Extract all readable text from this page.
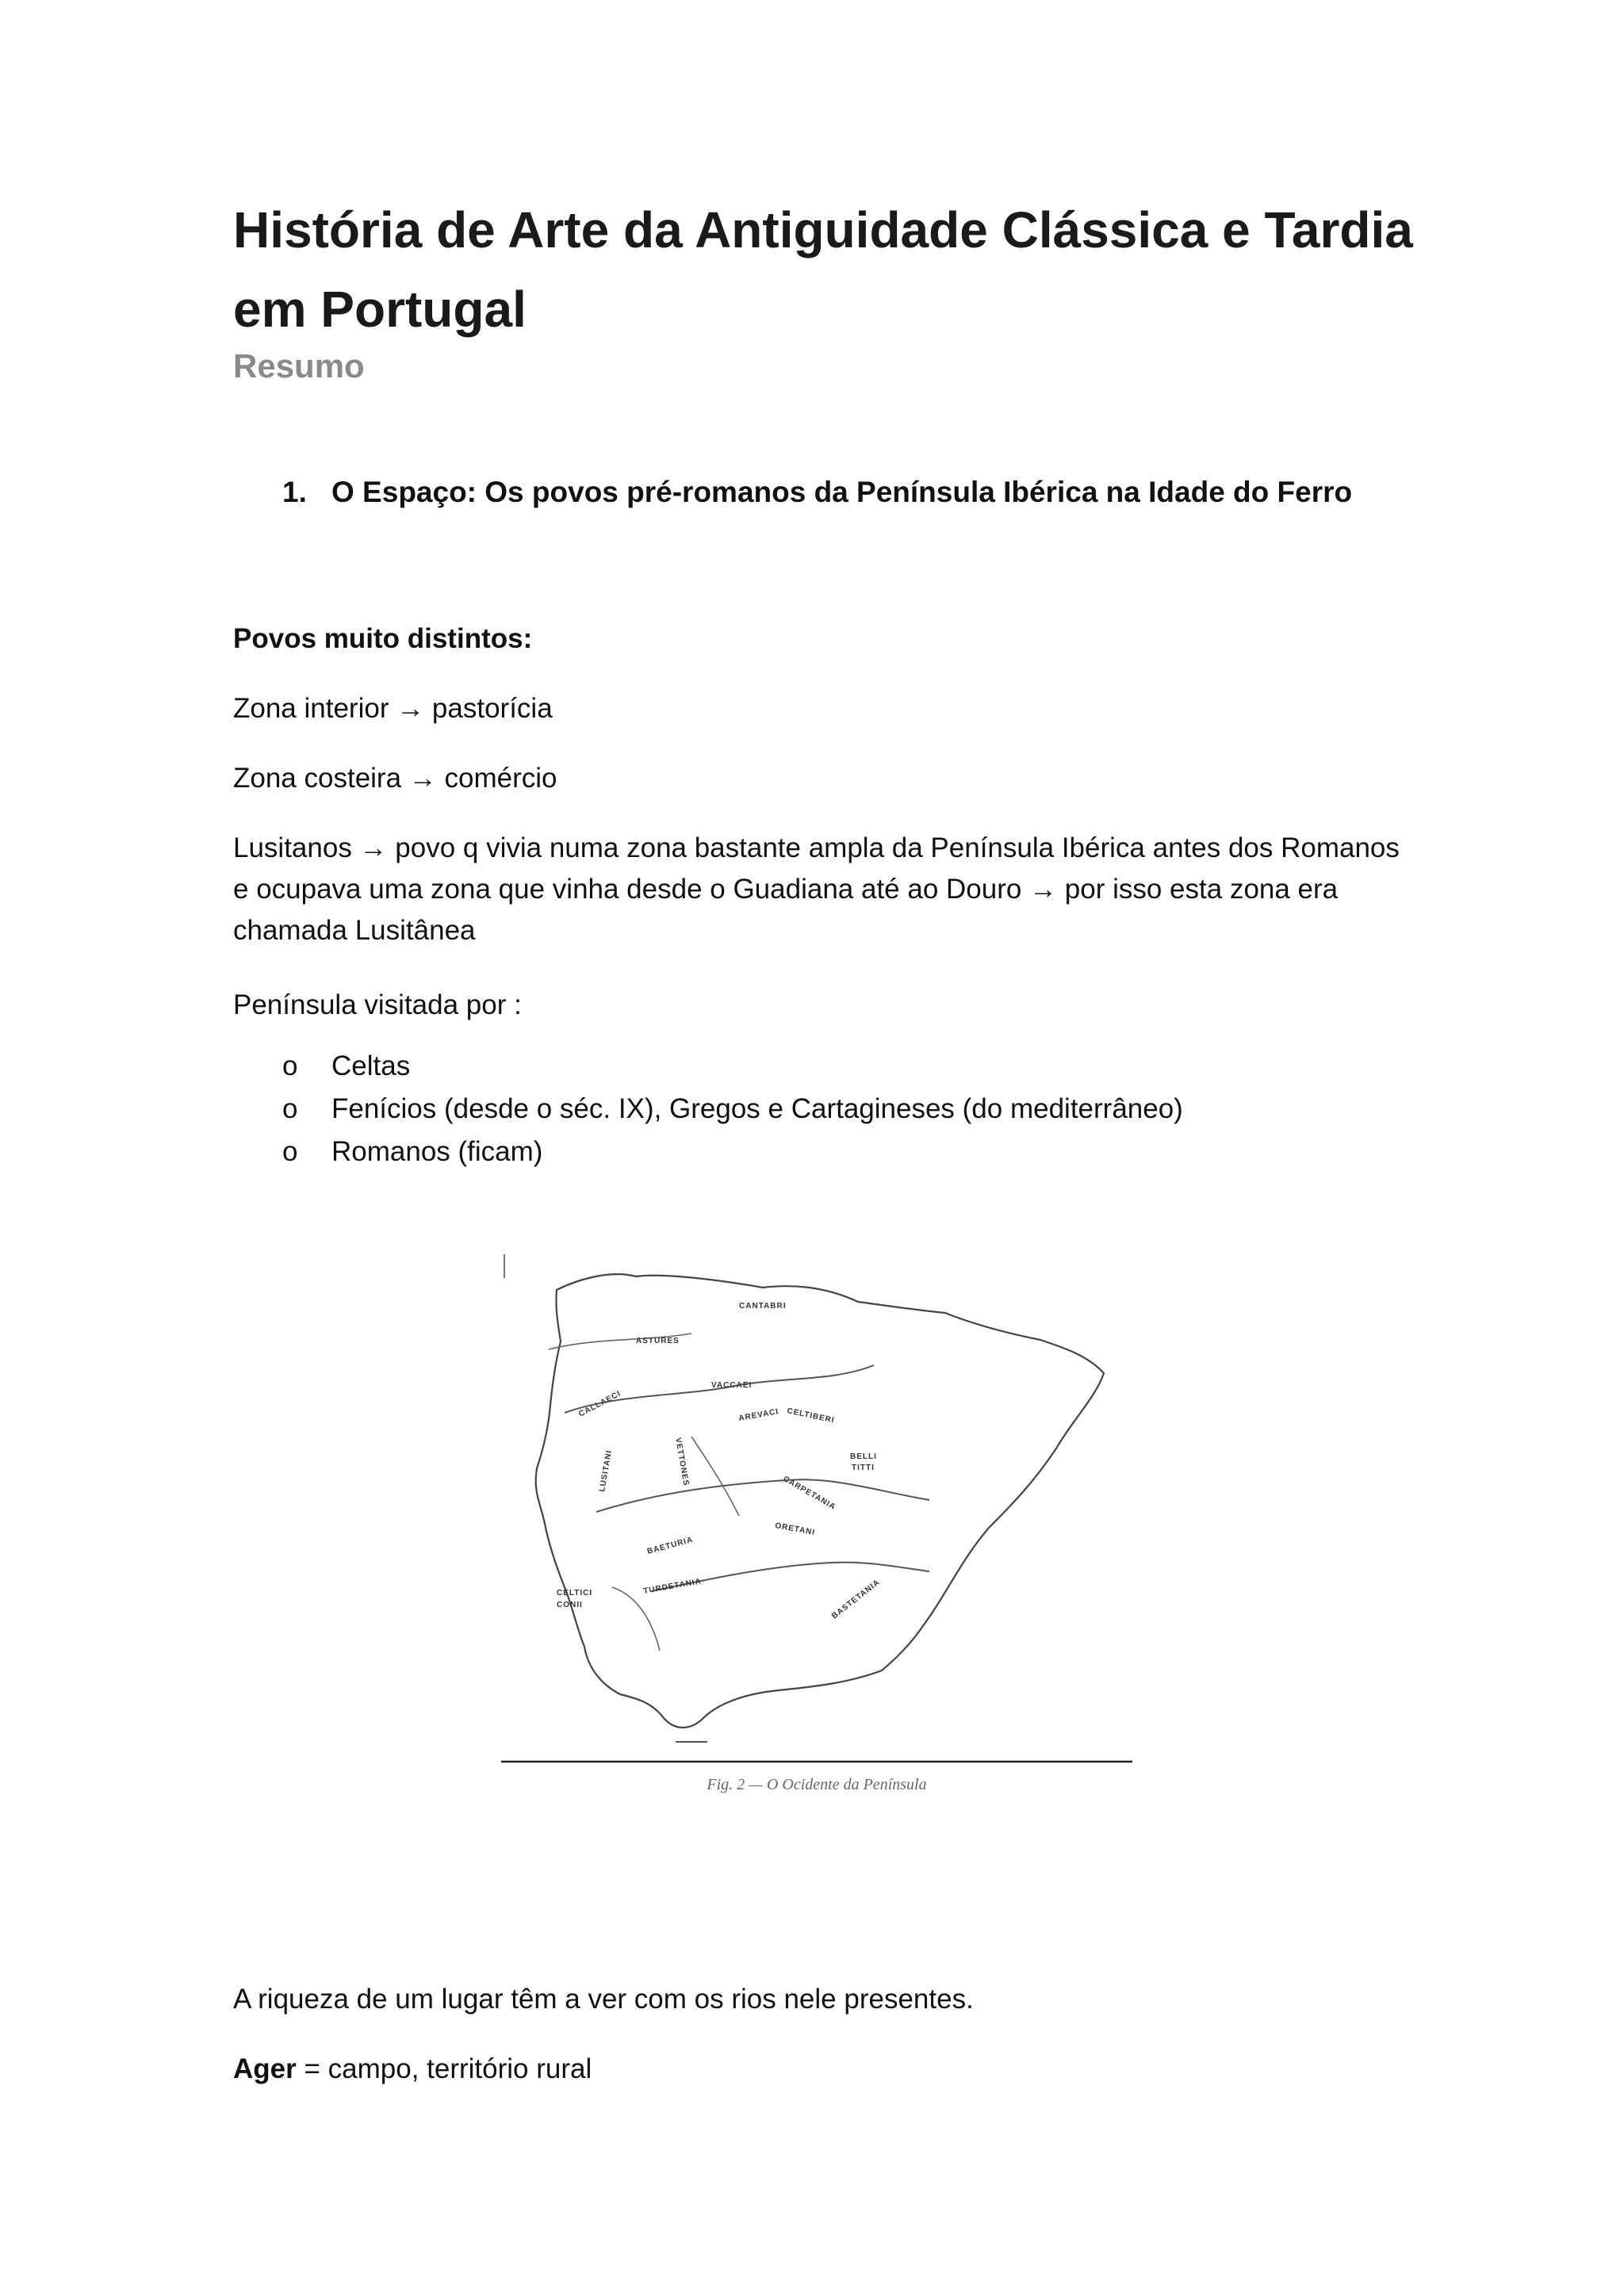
História de Arte da Antiguidade Clássica e Tardia em Portugal
Resumo
1. O Espaço: Os povos pré-romanos da Península Ibérica na Idade do Ferro

Povos muito distintos:

Zona interior → pastorícia

Zona costeira → comércio

Lusitanos → povo q vivia numa zona bastante ampla da Península Ibérica antes dos Romanos e ocupava uma zona que vinha desde o Guadiana até ao Douro → por isso esta zona era chamada Lusitânea

Península visitada por :

o Celtas
o Fenícios (desde o séc. IX), Gregos e Cartagineses (do mediterrâneo)
o Romanos (ficam)
CANTABRI
ASTURES
VACCAEI
CALLAECI	AREVACI CELTIBERI
BELLI
TITTI
VETTONES
LUSITANI
CARPETANIA
ORETANI
BAETURIA
TURDETANIA	BASTETANIA
CELTICI
CONII
Fig. 2 — O Ocidente da Península

A riqueza de um lugar têm a ver com os rios nele presentes.

Ager = campo, território rural
